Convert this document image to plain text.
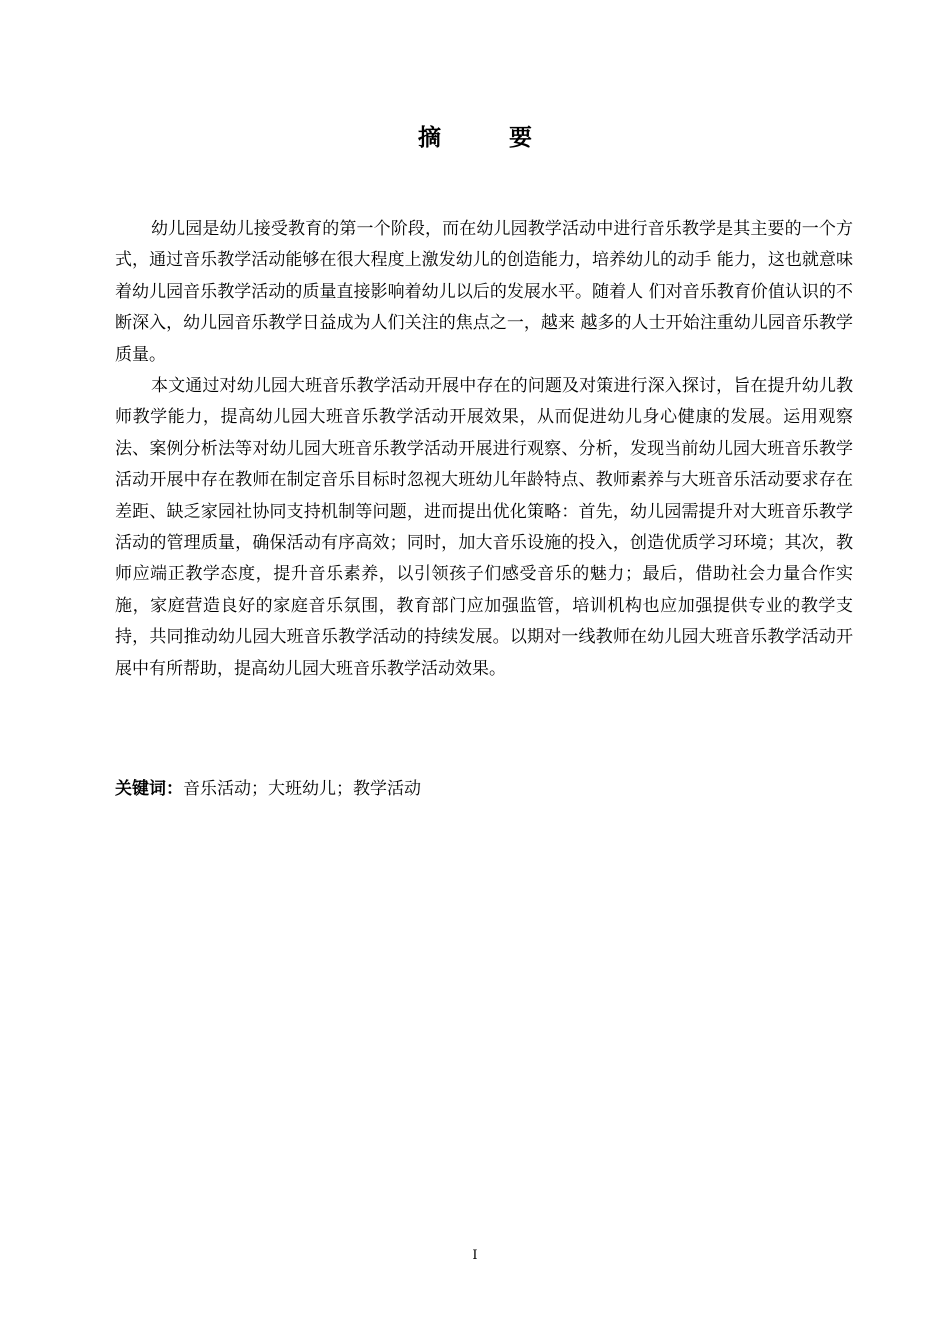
摘 要

幼儿园是幼儿接受教育的第一个阶段，而在幼儿园教学活动中进行音乐教学是其主要的一个方式，通过音乐教学活动能够在很大程度上激发幼儿的创造能力，培养幼儿的动手 能力，这也就意味着幼儿园音乐教学活动的质量直接影响着幼儿以后的发展水平。随着人 们对音乐教育价值认识的不断深入，幼儿园音乐教学日益成为人们关注的焦点之一，越来 越多的人士开始注重幼儿园音乐教学质量。

本文通过对幼儿园大班音乐教学活动开展中存在的问题及对策进行深入探讨，旨在提升幼儿教师教学能力，提高幼儿园大班音乐教学活动开展效果，从而促进幼儿身心健康的发展。运用观察法、案例分析法等对幼儿园大班音乐教学活动开展进行观察、分析，发现当前幼儿园大班音乐教学活动开展中存在教师在制定音乐目标时忽视大班幼儿年龄特点、教师素养与大班音乐活动要求存在差距、缺乏家园社协同支持机制等问题，进而提出优化策略：首先，幼儿园需提升对大班音乐教学活动的管理质量，确保活动有序高效；同时，加大音乐设施的投入，创造优质学习环境；其次，教师应端正教学态度，提升音乐素养，以引领孩子们感受音乐的魅力；最后，借助社会力量合作实施，家庭营造良好的家庭音乐氛围，教育部门应加强监管，培训机构也应加强提供专业的教学支持，共同推动幼儿园大班音乐教学活动的持续发展。以期对一线教师在幼儿园大班音乐教学活动开展中有所帮助，提高幼儿园大班音乐教学活动效果。

关键词：音乐活动；大班幼儿；教学活动
I
